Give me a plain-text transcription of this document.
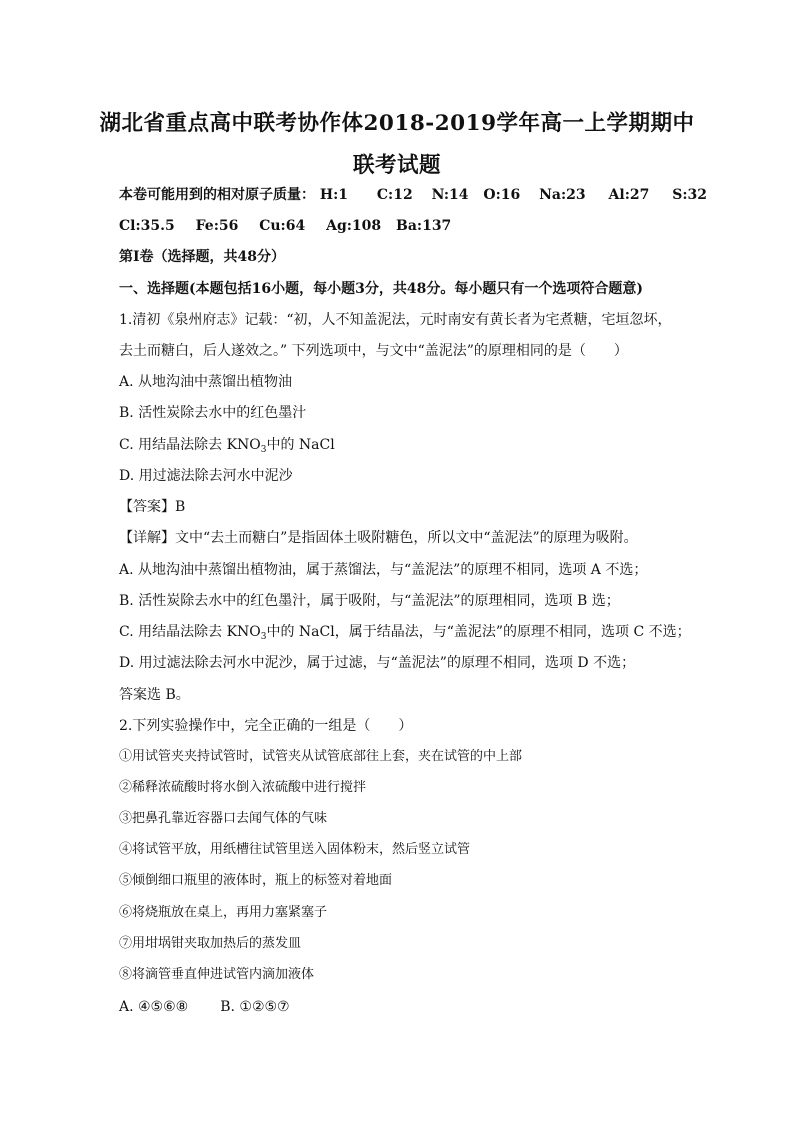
湖北省重点高中联考协作体2018-2019学年高一上学期期中
联考试题
本卷可能用到的相对原子质量： H:1 C:12 N:14 O:16 Na:23 Al:27 S:32
Cl:35.5 Fe:56 Cu:64 Ag:108 Ba:137
第Ⅰ卷（选择题，共48分）
一、选择题(本题包括16小题，每小题3分，共48分。每小题只有一个选项符合题意)
1.清初《泉州府志》记载：“初，人不知盖泥法，元时南安有黄长者为宅煮糖，宅垣忽坏，
去土而糖白，后人遂效之。” 下列选项中，与文中“盖泥法”的原理相同的是（　　）
A. 从地沟油中蒸馏出植物油
B. 活性炭除去水中的红色墨汁
C. 用结晶法除去 $KNO_3$中的 NaCl
D. 用过滤法除去河水中泥沙
【答案】B
【详解】文中“去土而糖白”是指固体土吸附糖色，所以文中“盖泥法”的原理为吸附。
A. 从地沟油中蒸馏出植物油，属于蒸馏法，与“盖泥法”的原理不相同，选项 A 不选；
B. 活性炭除去水中的红色墨汁，属于吸附，与“盖泥法”的原理相同，选项 B 选；
C. 用结晶法除去 $KNO_3$中的 NaCl，属于结晶法，与“盖泥法”的原理不相同，选项 C 不选；
D. 用过滤法除去河水中泥沙，属于过滤，与“盖泥法”的原理不相同，选项 D 不选；
答案选 B。
2.下列实验操作中，完全正确的一组是（　　）
①用试管夹夹持试管时，试管夹从试管底部往上套，夹在试管的中上部
②稀释浓硫酸时将水倒入浓硫酸中进行搅拌
③把鼻孔靠近容器口去闻气体的气味
④将试管平放，用纸槽往试管里送入固体粉末，然后竖立试管
⑤倾倒细口瓶里的液体时，瓶上的标签对着地面
⑥将烧瓶放在桌上，再用力塞紧塞子
⑦用坩埚钳夹取加热后的蒸发皿
⑧将滴管垂直伸进试管内滴加液体
A. ④⑤⑥⑧ B. ①②⑤⑦
